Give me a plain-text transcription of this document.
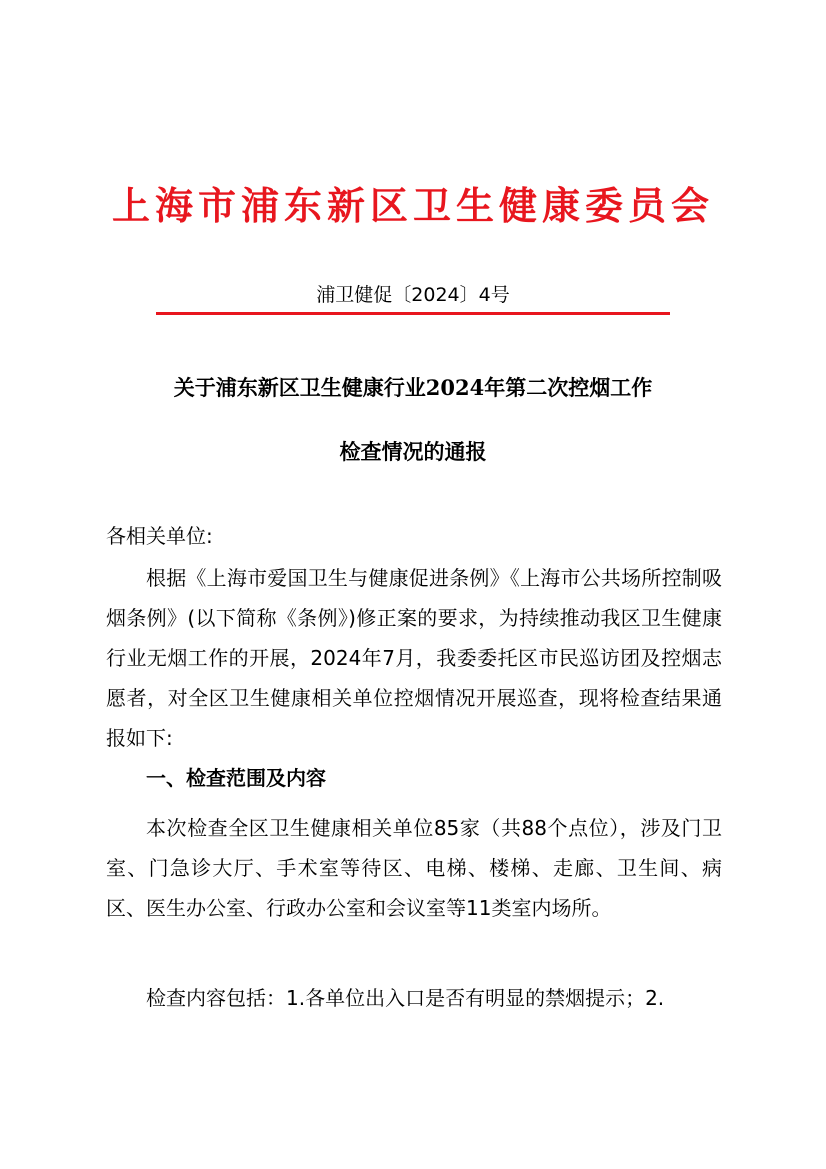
上海市浦东新区卫生健康委员会
浦卫健促〔2024〕4号
关于浦东新区卫生健康行业2024年第二次控烟工作
检查情况的通报
各相关单位:
根据《上海市爱国卫生与健康促进条例》《上海市公共场所控制吸烟条例》(以下简称《条例》)修正案的要求，为持续推动我区卫生健康行业无烟工作的开展，2024年7月，我委委托区市民巡访团及控烟志愿者，对全区卫生健康相关单位控烟情况开展巡查，现将检查结果通报如下:
一、检查范围及内容
本次检查全区卫生健康相关单位85家（共88个点位），涉及门卫室、门急诊大厅、手术室等待区、电梯、楼梯、走廊、卫生间、病区、医生办公室、行政办公室和会议室等11类室内场所。
检查内容包括：1.各单位出入口是否有明显的禁烟提示；2.
